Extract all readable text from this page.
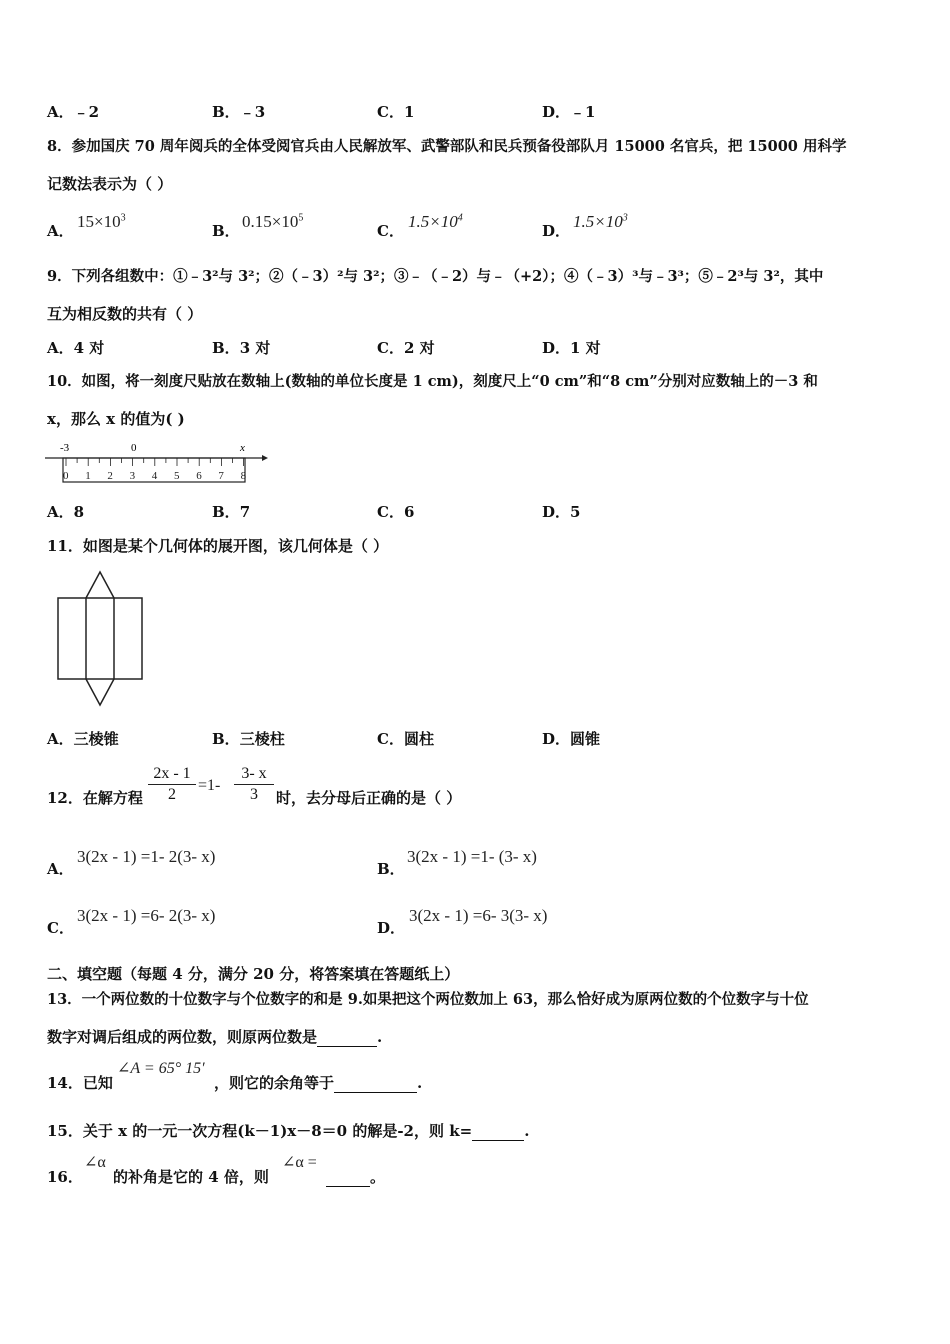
A．﹣2	B．﹣3	C．1	D．﹣1
8．参加国庆 70 周年阅兵的全体受阅官兵由人民解放军、武警部队和民兵预备役部队月 15000 名官兵，把 15000 用科学
记数法表示为（ ）
A． $15\times 10^3$
B． $0.15\times 10^5$
C． $1.5\times 10^4$
D． $1.5\times 10^3$
9．下列各组数中：①﹣3²与 3²；②（﹣3）²与 3²；③﹣（﹣2）与﹣（+2）；④（﹣3）³与﹣3³；⑤﹣2³与 3²，其中
互为相反数的共有（ ）
A．4 对	B．3 对	C．2 对	D．1 对
10．如图，将一刻度尺贴放在数轴上(数轴的单位长度是 1 cm)，刻度尺上“0 cm”和“8 cm”分别对应数轴上的－3 和
x，那么 x 的值为( )
-3	0	x
0 1 2 3 4 5 6 7 8
A．8	B．7	C．6	D．5
11．如图是某个几何体的展开图，该几何体是（ ）
A．三棱锥	B．三棱柱	C．圆柱	D．圆锥
12．在解方程 $\frac{2x - 1}{2} =1- \frac{3- x}{3}$ 时，去分母后正确的是（ ）
A．
3(2x - 1) =1- 2(3- x)
B．
3(2x - 1) =1- (3- x)
C．
3(2x - 1) =6- 2(3- x)
D．
3(2x - 1) =6- 3(3- x)
二、填空题（每题 4 分，满分 20 分，将答案填在答题纸上）
13．一个两位数的十位数字与个位数字的和是 9.如果把这个两位数加上 63，那么恰好成为原两位数的个位数字与十位
数字对调后组成的两位数，则原两位数是	.
14．已知
∠A = 65° 15′
，则它的余角等于	.
15．关于 x 的一元一次方程(k－1)x－8＝0 的解是-2，则 k=	.
16．
∠α
的补角是它的 4 倍，则
∠α =
。
